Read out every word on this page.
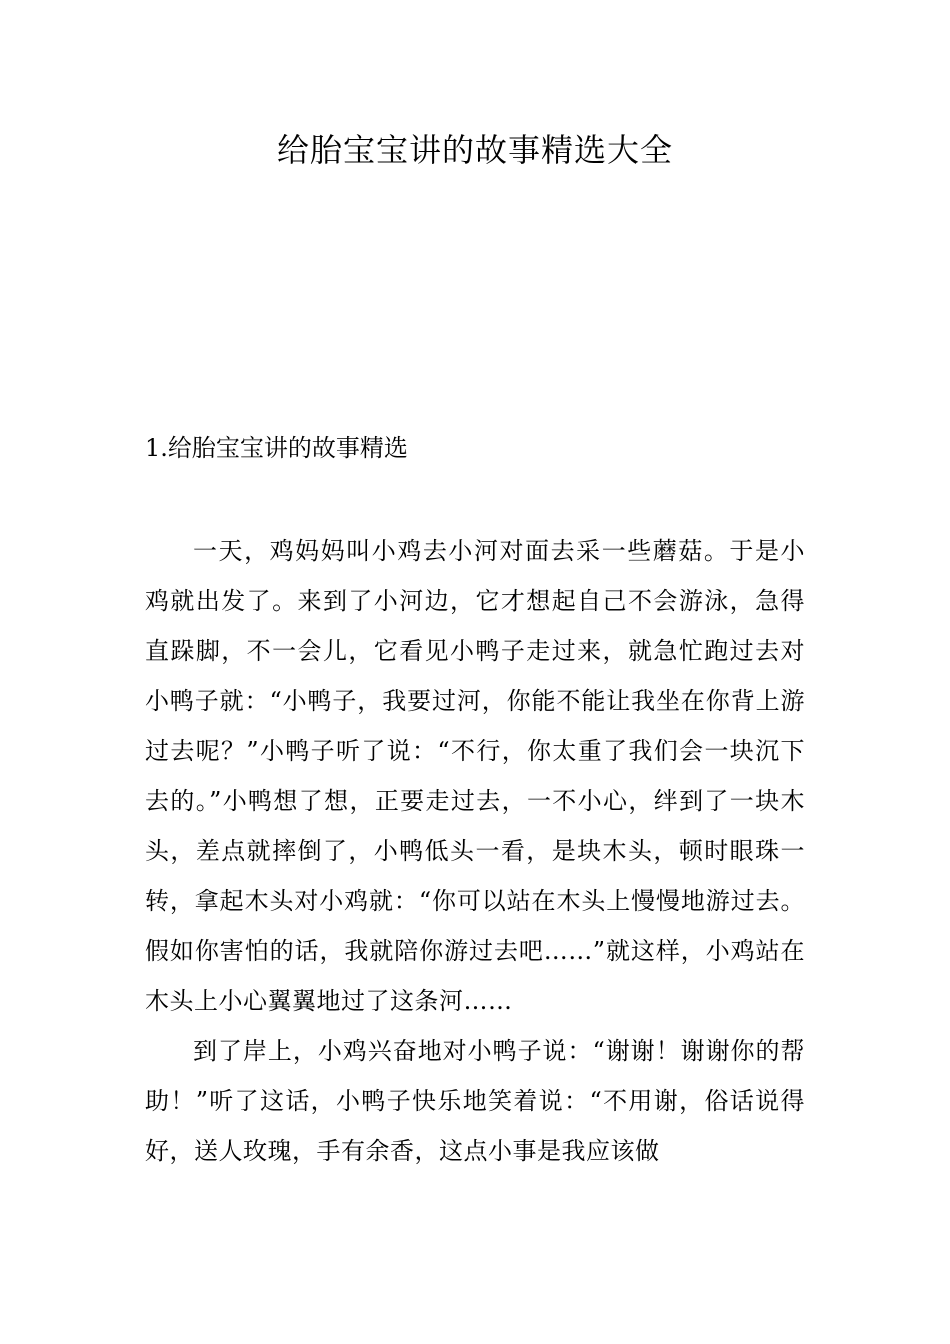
给胎宝宝讲的故事精选大全
1.给胎宝宝讲的故事精选

一天，鸡妈妈叫小鸡去小河对面去采一些蘑菇。于是小鸡就出发了。来到了小河边，它才想起自己不会游泳，急得直跺脚，不一会儿，它看见小鸭子走过来，就急忙跑过去对小鸭子就：“小鸭子，我要过河，你能不能让我坐在你背上游过去呢？”小鸭子听了说：“不行，你太重了我们会一块沉下去的。”小鸭想了想，正要走过去，一不小心，绊到了一块木头，差点就摔倒了，小鸭低头一看，是块木头，顿时眼珠一转，拿起木头对小鸡就：“你可以站在木头上慢慢地游过去。假如你害怕的话，我就陪你游过去吧……”就这样，小鸡站在木头上小心翼翼地过了这条河……

到了岸上，小鸡兴奋地对小鸭子说：“谢谢！谢谢你的帮助！”听了这话，小鸭子快乐地笑着说：“不用谢，俗话说得好，送人玫瑰，手有余香，这点小事是我应该做
